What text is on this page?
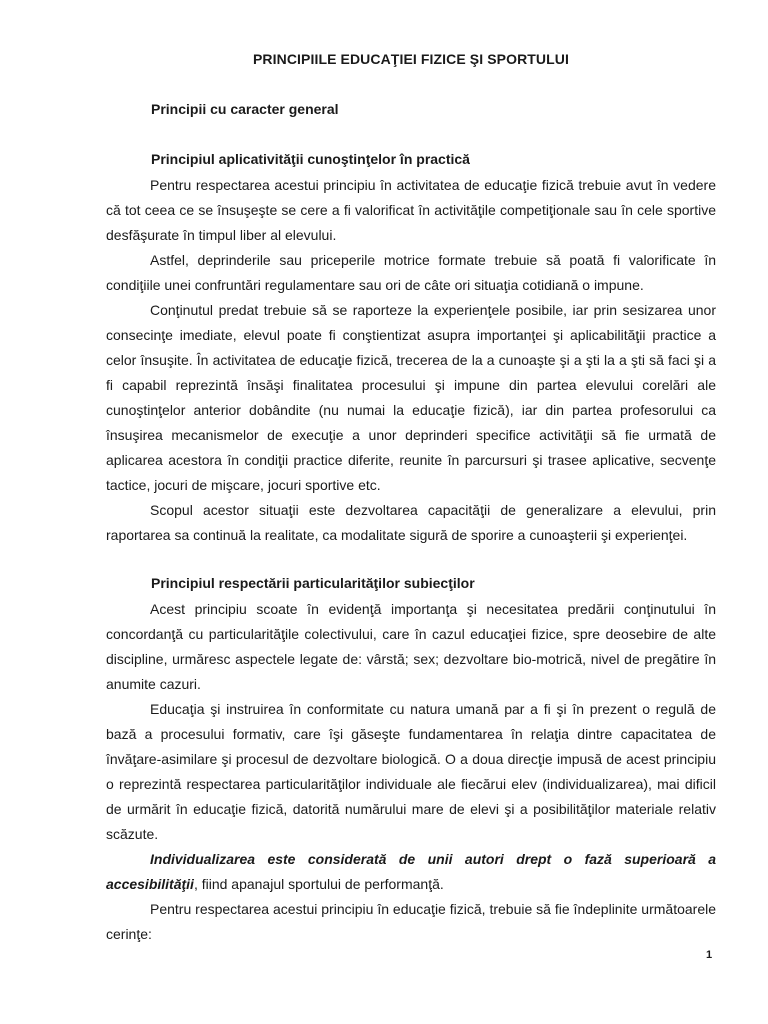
PRINCIPIILE EDUCAŢIEI FIZICE ŞI SPORTULUI
Principii cu caracter general
Principiul aplicativităţii cunoştinţelor în practică

Pentru respectarea acestui principiu în activitatea de educaţie fizică trebuie avut în vedere că tot ceea ce se însuşeşte se cere a fi valorificat în activităţile competiţionale sau în cele sportive desfăşurate în timpul liber al elevului.

Astfel, deprinderile sau priceperile motrice formate trebuie să poată fi valorificate în condiţiile unei confruntări regulamentare sau ori de câte ori situaţia cotidiană o impune.

Conţinutul predat trebuie să se raporteze la experienţele posibile, iar prin sesizarea unor consecinţe imediate, elevul poate fi conştientizat asupra importanţei şi aplicabilităţii practice a celor însuşite. În activitatea de educaţie fizică, trecerea de la a cunoaşte şi a şti la a şti să faci şi a fi capabil reprezintă însăşi finalitatea procesului şi impune din partea elevului corelări ale cunoştinţelor anterior dobândite (nu numai la educaţie fizică), iar din partea profesorului ca însuşirea mecanismelor de execuţie a unor deprinderi specifice activităţii să fie urmată de aplicarea acestora în condiţii practice diferite, reunite în parcursuri şi trasee aplicative, secvenţe tactice, jocuri de mişcare, jocuri sportive etc.

Scopul acestor situaţii este dezvoltarea capacităţii de generalizare a elevului, prin raportarea sa continuă la realitate, ca modalitate sigură de sporire a cunoaşterii şi experienţei.

Principiul respectării particularităţilor subiecţilor

Acest principiu scoate în evidenţă importanţa şi necesitatea predării conţinutului în concordanţă cu particularităţile colectivului, care în cazul educaţiei fizice, spre deosebire de alte discipline, urmăresc aspectele legate de: vârstă; sex; dezvoltare bio-motrică, nivel de pregătire în anumite cazuri.

Educaţia şi instruirea în conformitate cu natura umană par a fi şi în prezent o regulă de bază a procesului formativ, care îşi găseşte fundamentarea în relaţia dintre capacitatea de învăţare-asimilare şi procesul de dezvoltare biologică. O a doua direcţie impusă de acest principiu o reprezintă respectarea particularităţilor individuale ale fiecărui elev (individualizarea), mai dificil de urmărit în educaţie fizică, datorită numărului mare de elevi şi a posibilităţilor materiale relativ scăzute.

Individualizarea este considerată de unii autori drept o fază superioară a accesibilităţii, fiind apanajul sportului de performanţă.

Pentru respectarea acestui principiu în educaţie fizică, trebuie să fie îndeplinite următoarele cerinţe:

1
